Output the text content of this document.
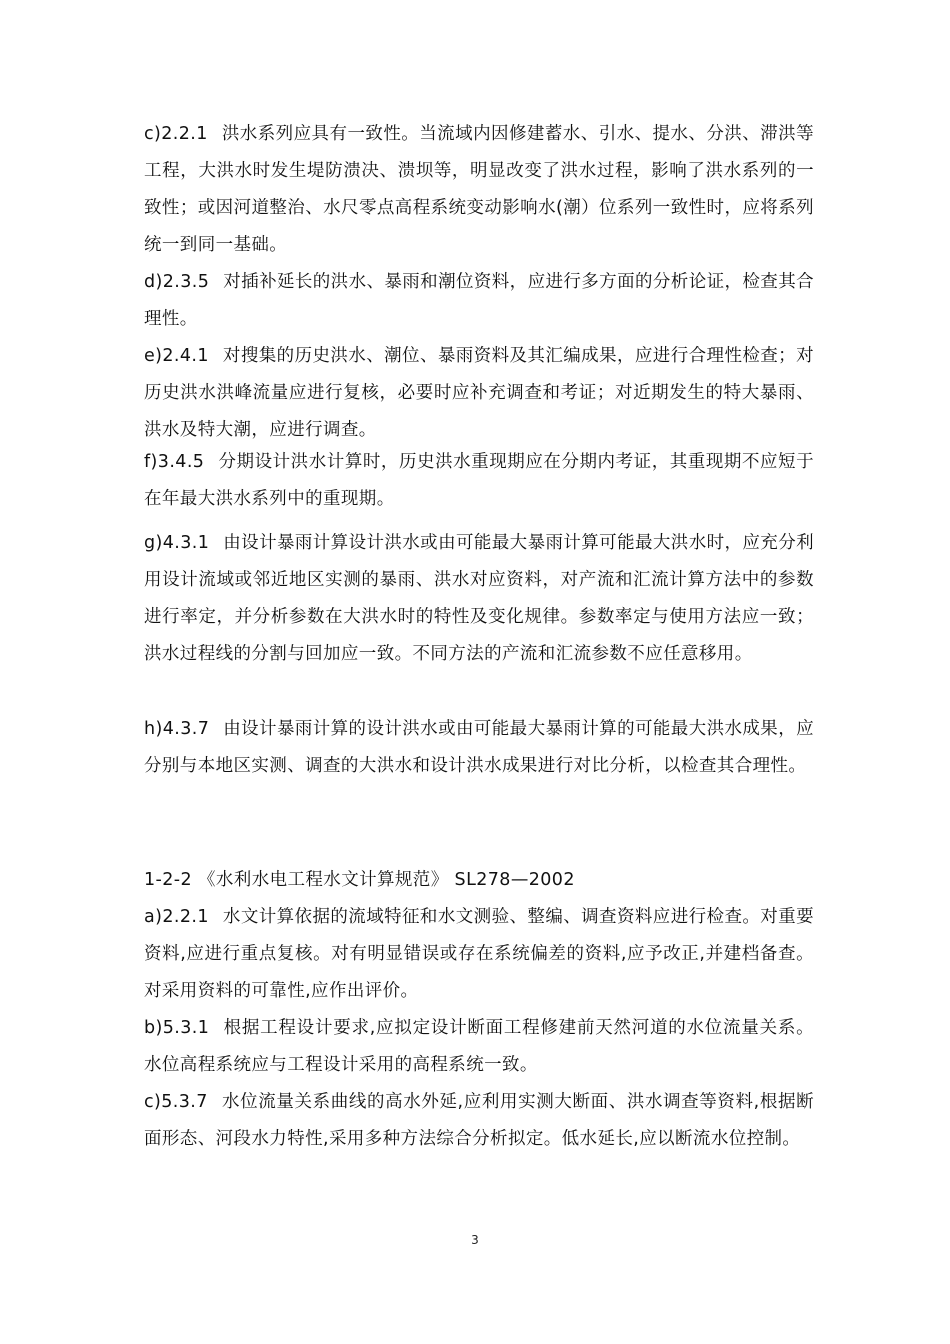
c)2.2.1 洪水系列应具有一致性。当流域内因修建蓄水、引水、提水、分洪、滞洪等工程，大洪水时发生堤防溃决、溃坝等，明显改变了洪水过程，影响了洪水系列的一致性；或因河道整治、水尺零点高程系统变动影响水(潮）位系列一致性时，应将系列统一到同一基础。
d)2.3.5 对插补延长的洪水、暴雨和潮位资料，应进行多方面的分析论证，检查其合理性。
e)2.4.1 对搜集的历史洪水、潮位、暴雨资料及其汇编成果，应进行合理性检查；对历史洪水洪峰流量应进行复核，必要时应补充调查和考证；对近期发生的特大暴雨、洪水及特大潮，应进行调查。
f)3.4.5 分期设计洪水计算时，历史洪水重现期应在分期内考证，其重现期不应短于在年最大洪水系列中的重现期。
g)4.3.1 由设计暴雨计算设计洪水或由可能最大暴雨计算可能最大洪水时，应充分利用设计流域或邻近地区实测的暴雨、洪水对应资料，对产流和汇流计算方法中的参数进行率定，并分析参数在大洪水时的特性及变化规律。参数率定与使用方法应一致；洪水过程线的分割与回加应一致。不同方法的产流和汇流参数不应任意移用。
h)4.3.7 由设计暴雨计算的设计洪水或由可能最大暴雨计算的可能最大洪水成果，应分别与本地区实测、调查的大洪水和设计洪水成果进行对比分析，以检查其合理性。
1-2-2 《水利水电工程水文计算规范》 SL278—2002
a)2.2.1 水文计算依据的流域特征和水文测验、整编、调查资料应进行检查。对重要资料,应进行重点复核。对有明显错误或存在系统偏差的资料,应予改正,并建档备查。对采用资料的可靠性,应作出评价。
b)5.3.1 根据工程设计要求,应拟定设计断面工程修建前天然河道的水位流量关系。水位高程系统应与工程设计采用的高程系统一致。
c)5.3.7 水位流量关系曲线的高水外延,应利用实测大断面、洪水调查等资料,根据断面形态、河段水力特性,采用多种方法综合分析拟定。低水延长,应以断流水位控制。
3
